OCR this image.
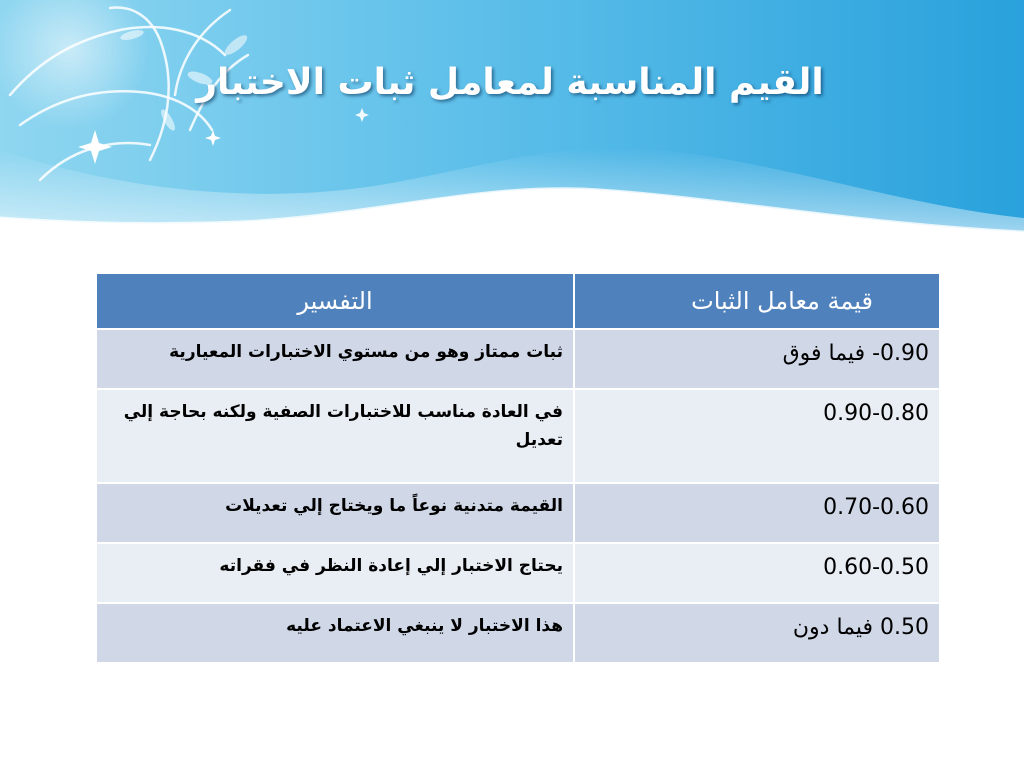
القيم المناسبة لمعامل ثبات الاختبار
قيمة معامل الثبات	التفسير
0.90- فيما فوق	ثبات ممتاز وهو من مستوي الاختبارات المعيارية
0.90-0.80	في العادة مناسب للاختبارات الصفية ولكنه بحاجة إلي تعديل
0.70-0.60	القيمة متدنية نوعاً ما ويختاج إلي تعديلات
0.60-0.50	يحتاج الاختبار إلي إعادة النظر في فقراته
0.50 فيما دون	هذا الاختبار لا ينبغي الاعتماد عليه
